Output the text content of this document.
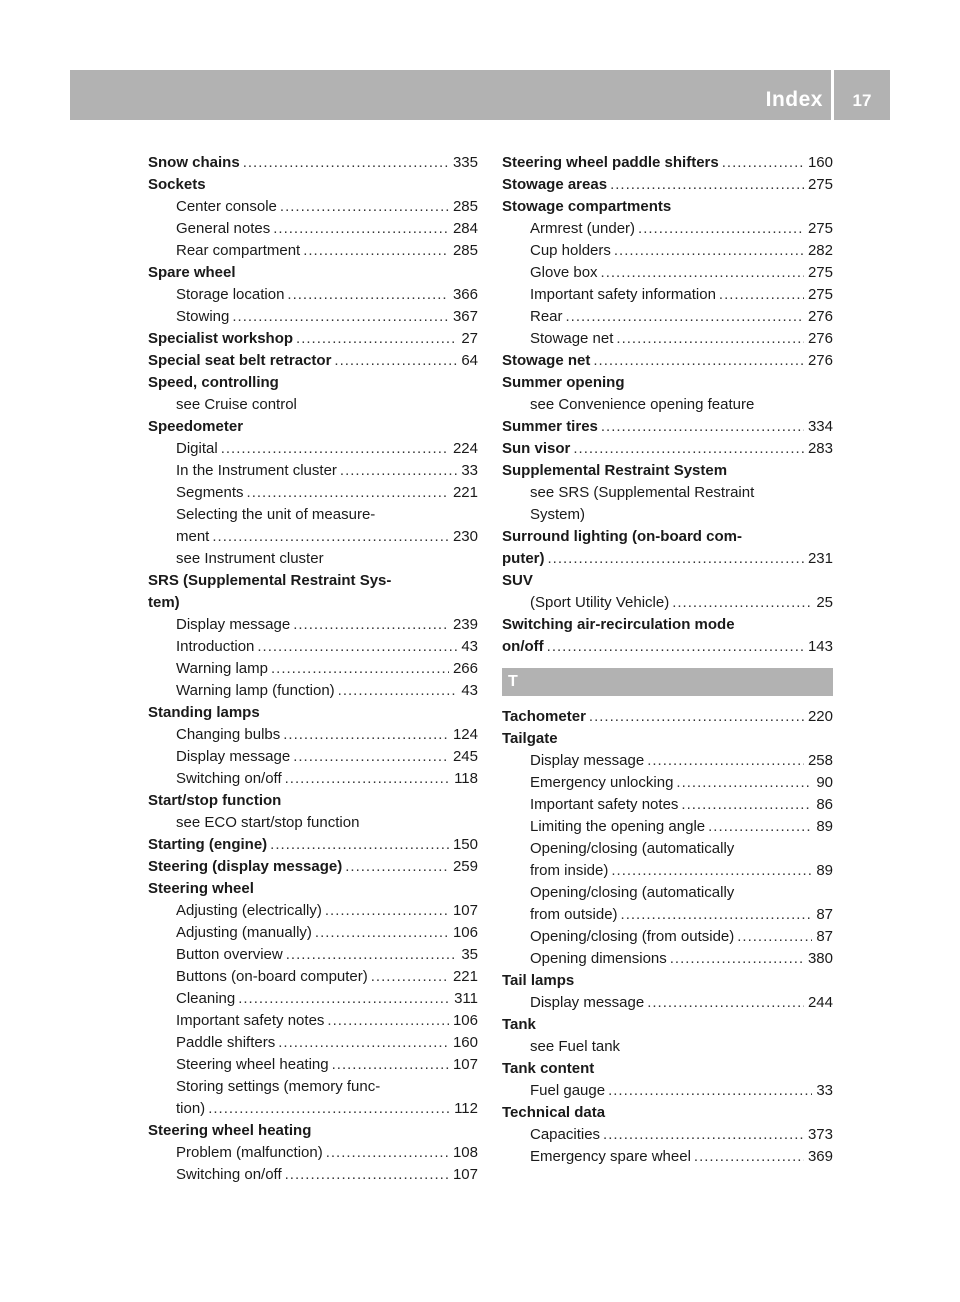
Index	17
Snow chains .....	335
Sockets
Center console .....	285
General notes .....	284
Rear compartment .....	285
Spare wheel
Storage location .....	366
Stowing .....	367
Specialist workshop .....	27
Special seat belt retractor .....	64
Speed, controlling
see Cruise control
Speedometer
Digital .....	224
In the Instrument cluster .....	33
Segments .....	221
Selecting the unit of measure-
ment .....	230
see Instrument cluster
SRS (Supplemental Restraint Sys-
tem)
Display message .....	239
Introduction .....	43
Warning lamp .....	266
Warning lamp (function) .....	43
Standing lamps
Changing bulbs .....	124
Display message .....	245
Switching on/off .....	118
Start/stop function
see ECO start/stop function
Starting (engine) .....	150
Steering (display message) .....	259
Steering wheel
Adjusting (electrically) .....	107
Adjusting (manually) .....	106
Button overview .....	35
Buttons (on-board computer) .....	221
Cleaning .....	311
Important safety notes .....	106
Paddle shifters .....	160
Steering wheel heating .....	107
Storing settings (memory func-
tion) .....	112
Steering wheel heating
Problem (malfunction) .....	108
Switching on/off .....	107
Steering wheel paddle shifters .....	160
Stowage areas .....	275
Stowage compartments
Armrest (under) .....	275
Cup holders .....	282
Glove box .....	275
Important safety information .....	275
Rear .....	276
Stowage net .....	276
Stowage net .....	276
Summer opening
see Convenience opening feature
Summer tires .....	334
Sun visor .....	283
Supplemental Restraint System
see SRS (Supplemental Restraint
System)
Surround lighting (on-board com-
puter) .....	231
SUV
(Sport Utility Vehicle) .....	25
Switching air-recirculation mode
on/off .....	143
T
Tachometer .....	220
Tailgate
Display message .....	258
Emergency unlocking .....	90
Important safety notes .....	86
Limiting the opening angle .....	89
Opening/closing (automatically
from inside) .....	89
Opening/closing (automatically
from outside) .....	87
Opening/closing (from outside) .....	87
Opening dimensions .....	380
Tail lamps
Display message .....	244
Tank
see Fuel tank
Tank content
Fuel gauge .....	33
Technical data
Capacities .....	373
Emergency spare wheel .....	369
